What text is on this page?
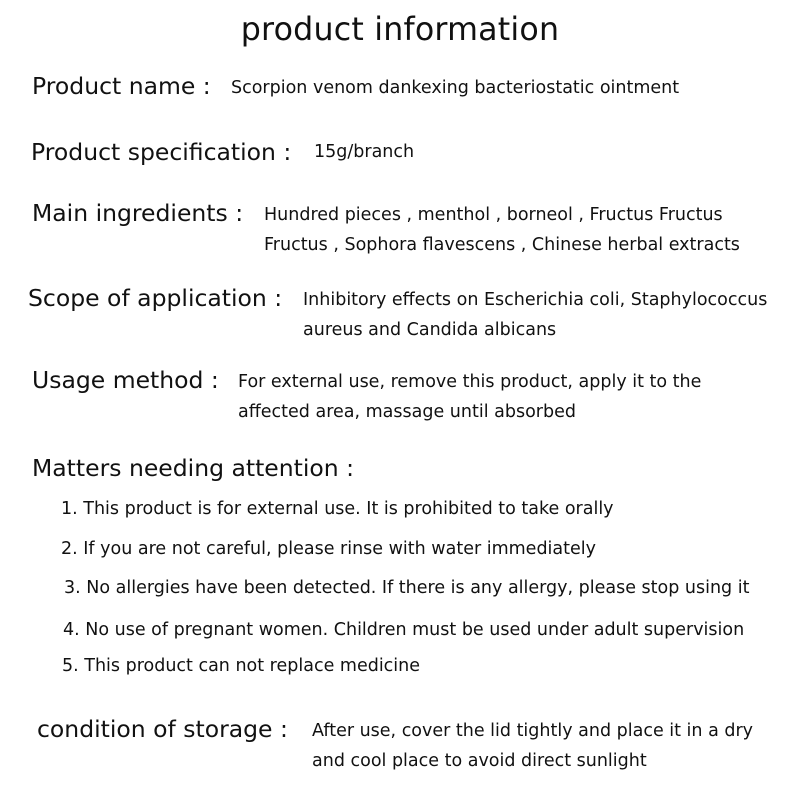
product information
Product name : Scorpion venom dankexing bacteriostatic ointment
Product specification : 15g/branch
Main ingredients : Hundred pieces , menthol , borneol , Fructus Fructus
Fructus , Sophora flavescens , Chinese herbal extracts
Scope of application : Inhibitory effects on Escherichia coli, Staphylococcus
aureus and Candida albicans
Usage method : For external use, remove this product, apply it to the
affected area, massage until absorbed
Matters needing attention :
1. This product is for external use. It is prohibited to take orally
2. If you are not careful, please rinse with water immediately
3. No allergies have been detected. If there is any allergy, please stop using it
4. No use of pregnant women. Children must be used under adult supervision
5. This product can not replace medicine
condition of storage : After use, cover the lid tightly and place it in a dry
and cool place to avoid direct sunlight
